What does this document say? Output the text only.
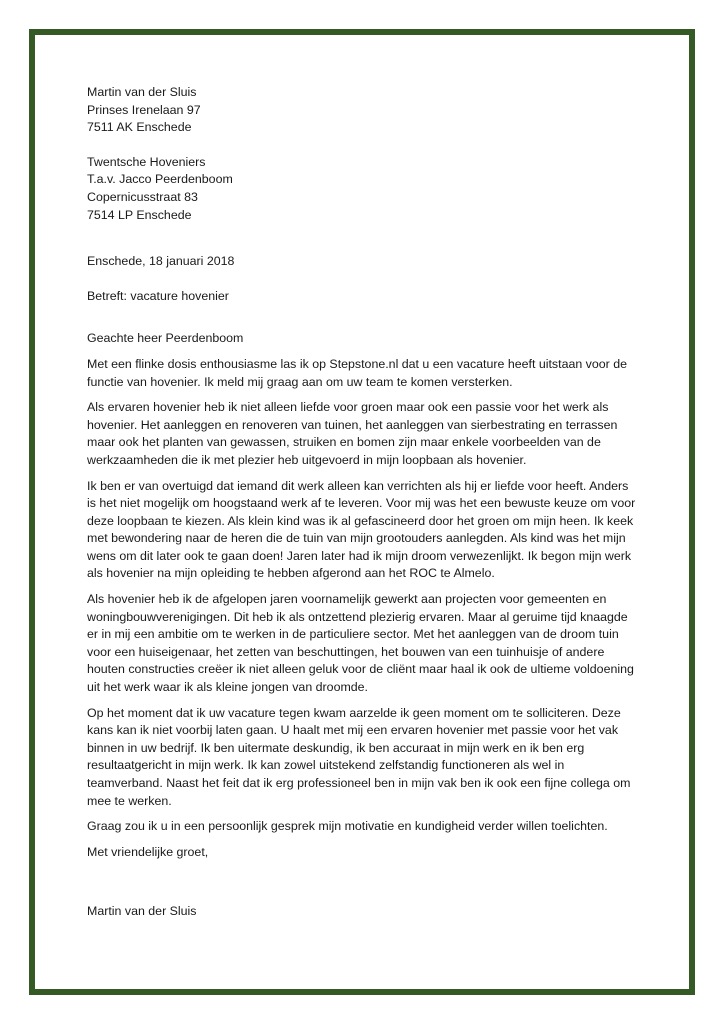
Martin van der Sluis
Prinses Irenelaan 97
7511 AK Enschede
Twentsche Hoveniers
T.a.v. Jacco Peerdenboom
Copernicusstraat 83
7514 LP Enschede
Enschede, 18 januari 2018
Betreft: vacature hovenier
Geachte heer Peerdenboom
Met een flinke dosis enthousiasme las ik op Stepstone.nl dat u een vacature heeft uitstaan voor de
functie van hovenier. Ik meld mij graag aan om uw team te komen versterken.
Als ervaren hovenier heb ik niet alleen liefde voor groen maar ook een passie voor het werk als
hovenier. Het aanleggen en renoveren van tuinen, het aanleggen van sierbestrating en terrassen
maar ook het planten van gewassen, struiken en bomen zijn maar enkele voorbeelden van de
werkzaamheden die ik met plezier heb uitgevoerd in mijn loopbaan als hovenier.
Ik ben er van overtuigd dat iemand dit werk alleen kan verrichten als hij er liefde voor heeft. Anders
is het niet mogelijk om hoogstaand werk af te leveren. Voor mij was het een bewuste keuze om voor
deze loopbaan te kiezen. Als klein kind was ik al gefascineerd door het groen om mijn heen. Ik keek
met bewondering naar de heren die de tuin van mijn grootouders aanlegden. Als kind was het mijn
wens om dit later ook te gaan doen! Jaren later had ik mijn droom verwezenlijkt. Ik begon mijn werk
als hovenier na mijn opleiding te hebben afgerond aan het ROC te Almelo.
Als hovenier heb ik de afgelopen jaren voornamelijk gewerkt aan projecten voor gemeenten en
woningbouwverenigingen. Dit heb ik als ontzettend plezierig ervaren. Maar al geruime tijd knaagde
er in mij een ambitie om te werken in de particuliere sector. Met het aanleggen van de droom tuin
voor een huiseigenaar, het zetten van beschuttingen, het bouwen van een tuinhuisje of andere
houten constructies creëer ik niet alleen geluk voor de cliënt maar haal ik ook de ultieme voldoening
uit het werk waar ik als kleine jongen van droomde.
Op het moment dat ik uw vacature tegen kwam aarzelde ik geen moment om te solliciteren. Deze
kans kan ik niet voorbij laten gaan. U haalt met mij een ervaren hovenier met passie voor het vak
binnen in uw bedrijf. Ik ben uitermate deskundig, ik ben accuraat in mijn werk en ik ben erg
resultaatgericht in mijn werk. Ik kan zowel uitstekend zelfstandig functioneren als wel in
teamverband. Naast het feit dat ik erg professioneel ben in mijn vak ben ik ook een fijne collega om
mee te werken.
Graag zou ik u in een persoonlijk gesprek mijn motivatie en kundigheid verder willen toelichten.
Met vriendelijke groet,
Martin van der Sluis
